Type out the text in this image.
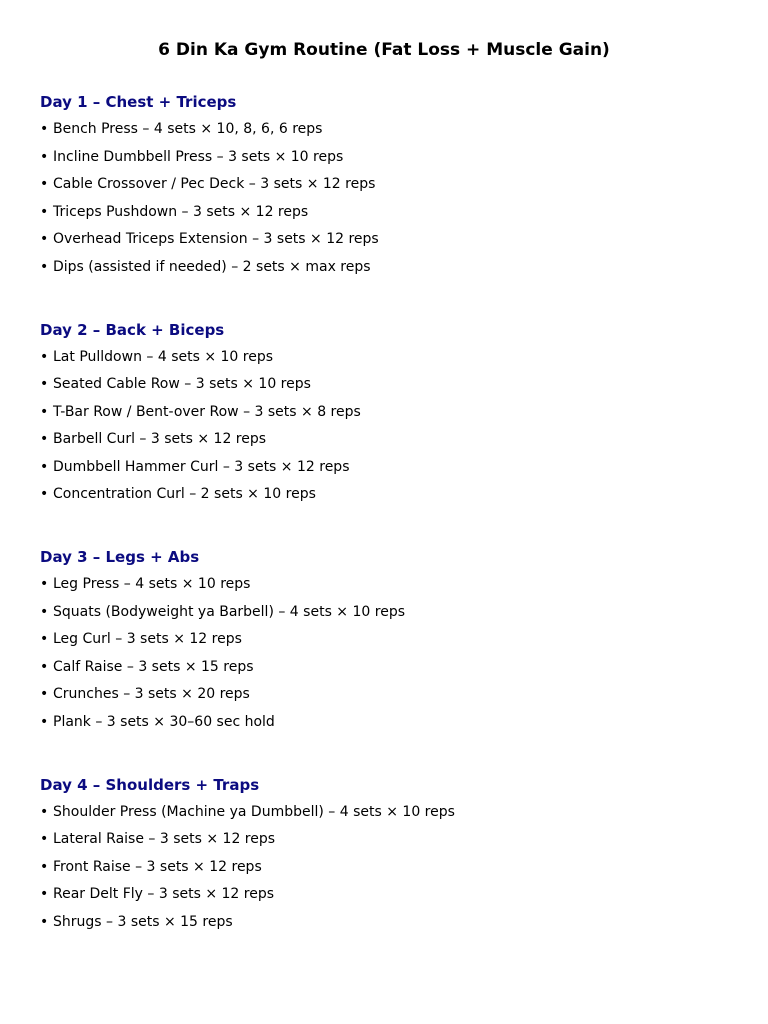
6 Din Ka Gym Routine (Fat Loss + Muscle Gain)
Day 1 – Chest + Triceps
• Bench Press – 4 sets × 10, 8, 6, 6 reps
• Incline Dumbbell Press – 3 sets × 10 reps
• Cable Crossover / Pec Deck – 3 sets × 12 reps
• Triceps Pushdown – 3 sets × 12 reps
• Overhead Triceps Extension – 3 sets × 12 reps
• Dips (assisted if needed) – 2 sets × max reps
Day 2 – Back + Biceps
• Lat Pulldown – 4 sets × 10 reps
• Seated Cable Row – 3 sets × 10 reps
• T-Bar Row / Bent-over Row – 3 sets × 8 reps
• Barbell Curl – 3 sets × 12 reps
• Dumbbell Hammer Curl – 3 sets × 12 reps
• Concentration Curl – 2 sets × 10 reps
Day 3 – Legs + Abs
• Leg Press – 4 sets × 10 reps
• Squats (Bodyweight ya Barbell) – 4 sets × 10 reps
• Leg Curl – 3 sets × 12 reps
• Calf Raise – 3 sets × 15 reps
• Crunches – 3 sets × 20 reps
• Plank – 3 sets × 30–60 sec hold
Day 4 – Shoulders + Traps
• Shoulder Press (Machine ya Dumbbell) – 4 sets × 10 reps
• Lateral Raise – 3 sets × 12 reps
• Front Raise – 3 sets × 12 reps
• Rear Delt Fly – 3 sets × 12 reps
• Shrugs – 3 sets × 15 reps
